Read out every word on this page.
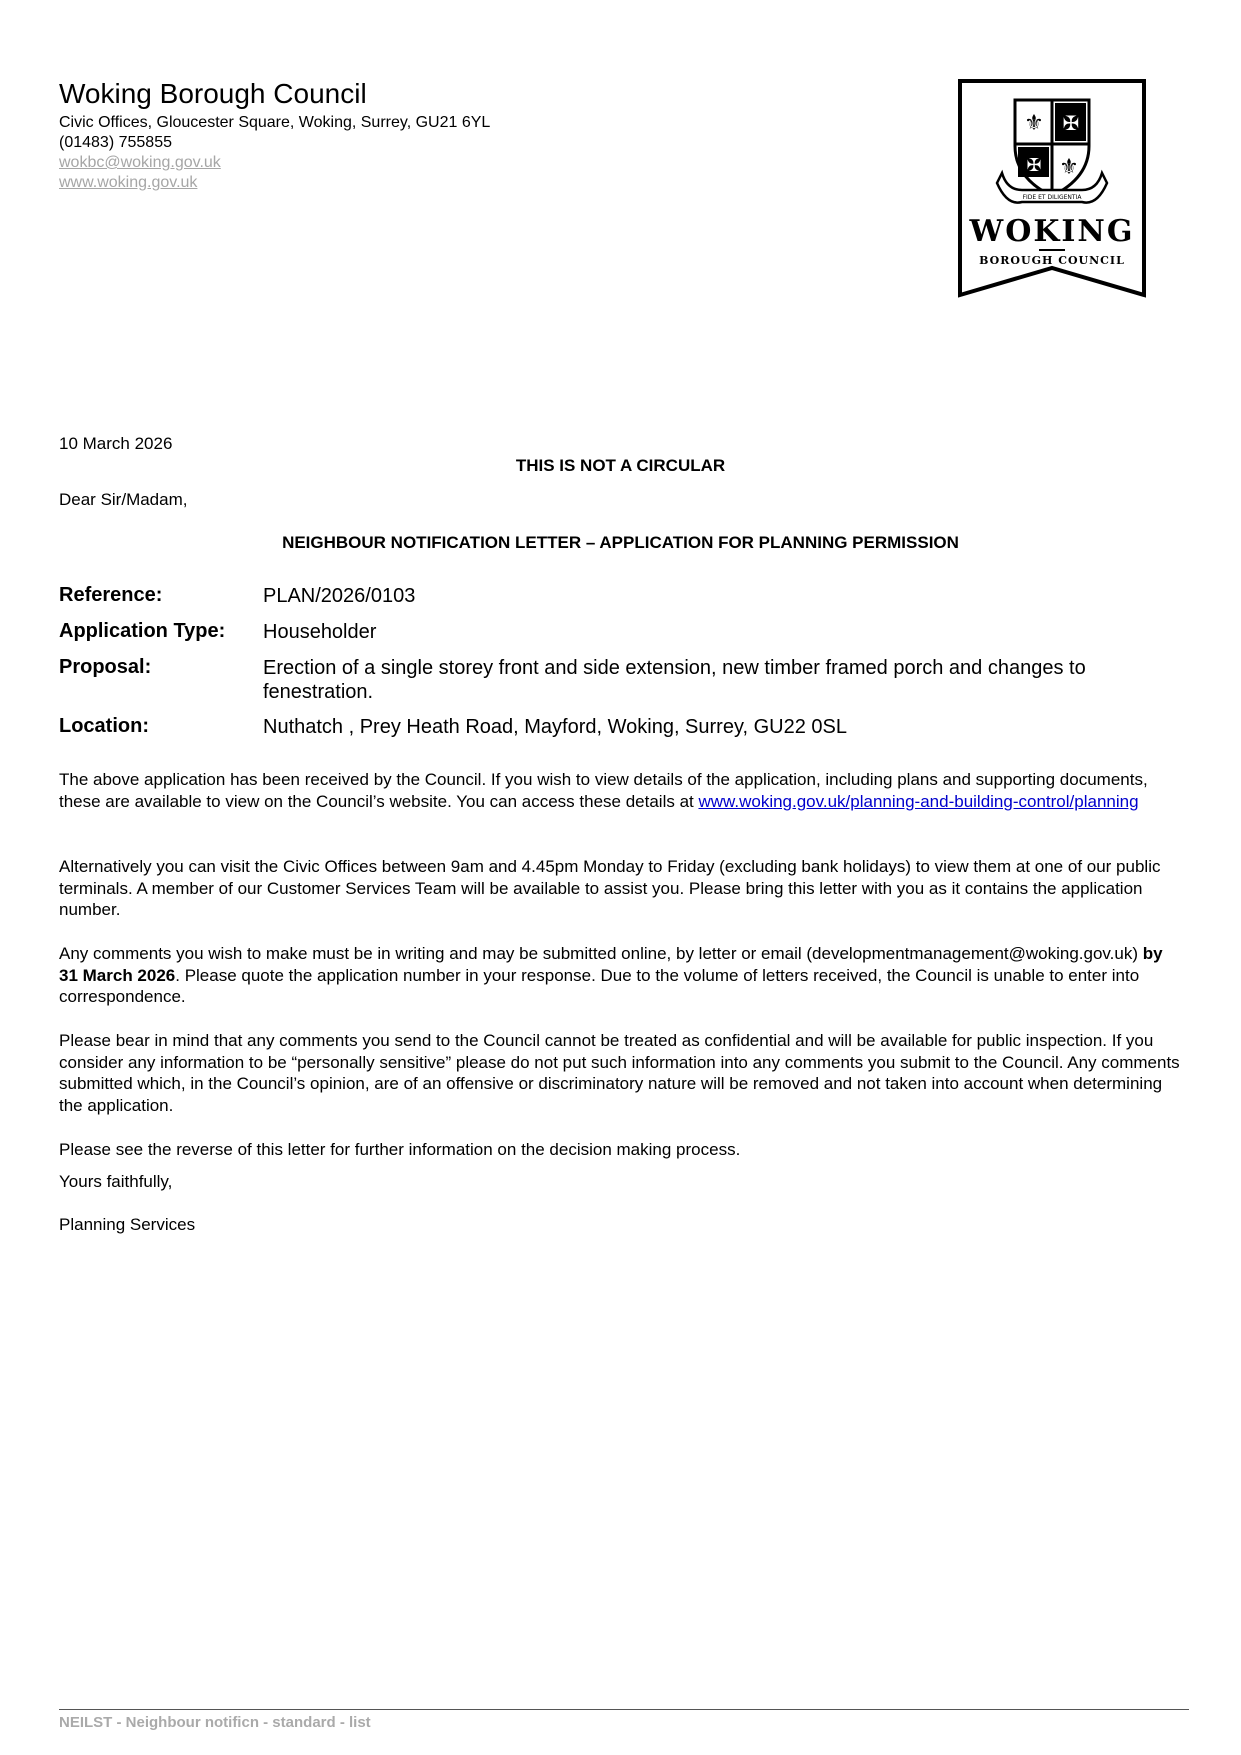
Woking Borough Council
Civic Offices, Gloucester Square, Woking, Surrey, GU21 6YL
(01483) 755855
wokbc@woking.gov.uk
www.woking.gov.uk
⚜ ✠
✠ ⚜
FIDE ET DILIGENTIA
WOKING
BOROUGH COUNCIL
10 March 2026
THIS IS NOT A CIRCULAR
Dear Sir/Madam,
NEIGHBOUR NOTIFICATION LETTER – APPLICATION FOR PLANNING PERMISSION
Reference:	PLAN/2026/0103
Application Type: Householder
Proposal:	Erection of a single storey front and side extension, new timber framed porch and changes to fenestration.
Location:	Nuthatch , Prey Heath Road, Mayford, Woking, Surrey, GU22 0SL
The above application has been received by the Council. If you wish to view details of the application, including plans and supporting documents, these are available to view on the Council’s website. You can access these details at www.woking.gov.uk/planning-and-building-control/planning
Alternatively you can visit the Civic Offices between 9am and 4.45pm Monday to Friday (excluding bank holidays) to view them at one of our public terminals. A member of our Customer Services Team will be available to assist you. Please bring this letter with you as it contains the application number.
Any comments you wish to make must be in writing and may be submitted online, by letter or email (developmentmanagement@woking.gov.uk) by 31 March 2026. Please quote the application number in your response. Due to the volume of letters received, the Council is unable to enter into correspondence.
Please bear in mind that any comments you send to the Council cannot be treated as confidential and will be available for public inspection. If you consider any information to be “personally sensitive” please do not put such information into any comments you submit to the Council. Any comments submitted which, in the Council’s opinion, are of an offensive or discriminatory nature will be removed and not taken into account when determining the application.
Please see the reverse of this letter for further information on the decision making process.
Yours faithfully,
Planning Services
NEILST - Neighbour notificn - standard - list
